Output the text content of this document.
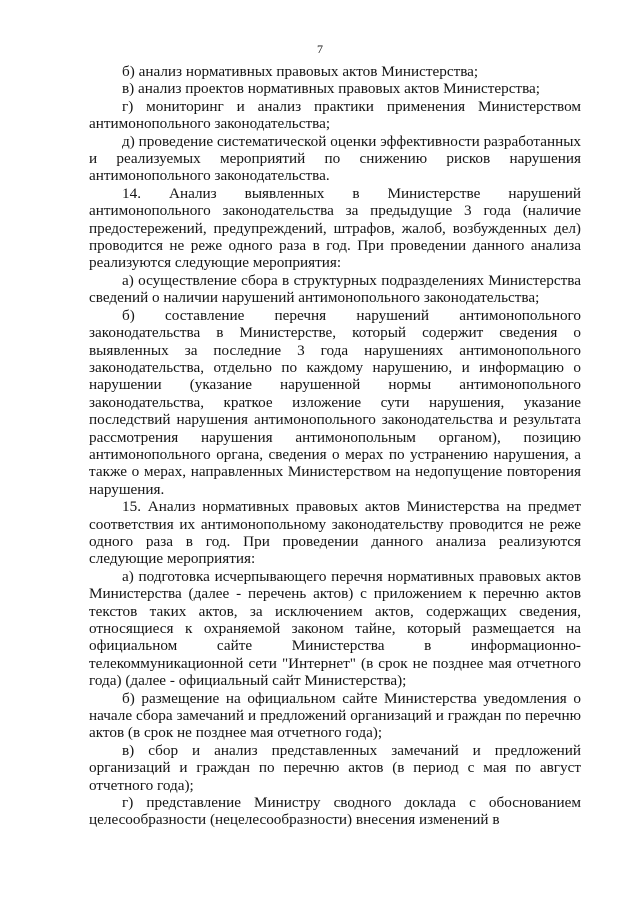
7

б) анализ нормативных правовых актов Министерства;

в) анализ проектов нормативных правовых актов Министерства;

г) мониторинг и анализ практики применения Министерством антимонопольного законодательства;

д) проведение систематической оценки эффективности разработанных и реализуемых мероприятий по снижению рисков нарушения антимонопольного законодательства.

14. Анализ выявленных в Министерстве нарушений антимонопольного законодательства за предыдущие 3 года (наличие предостережений, предупреждений, штрафов, жалоб, возбужденных дел) проводится не реже одного раза в год. При проведении данного анализа реализуются следующие мероприятия:

а) осуществление сбора в структурных подразделениях Министерства сведений о наличии нарушений антимонопольного законодательства;

б) составление перечня нарушений антимонопольного законодательства в Министерстве, который содержит сведения о выявленных за последние 3 года нарушениях антимонопольного законодательства, отдельно по каждому нарушению, и информацию о нарушении (указание нарушенной нормы антимонопольного законодательства, краткое изложение сути нарушения, указание последствий нарушения антимонопольного законодательства и результата рассмотрения нарушения антимонопольным органом), позицию антимонопольного органа, сведения о мерах по устранению нарушения, а также о мерах, направленных Министерством на недопущение повторения нарушения.

15. Анализ нормативных правовых актов Министерства на предмет соответствия их антимонопольному законодательству проводится не реже одного раза в год. При проведении данного анализа реализуются следующие мероприятия:

а) подготовка исчерпывающего перечня нормативных правовых актов Министерства (далее - перечень актов) с приложением к перечню актов текстов таких актов, за исключением актов, содержащих сведения, относящиеся к охраняемой законом тайне, который размещается на официальном сайте Министерства в информационно-телекоммуникационной сети "Интернет" (в срок не позднее мая отчетного года) (далее - официальный сайт Министерства);

б) размещение на официальном сайте Министерства уведомления о начале сбора замечаний и предложений организаций и граждан по перечню актов (в срок не позднее мая отчетного года);

в) сбор и анализ представленных замечаний и предложений организаций и граждан по перечню актов (в период с мая по август отчетного года);

г) представление Министру сводного доклада с обоснованием целесообразности (нецелесообразности) внесения изменений в
